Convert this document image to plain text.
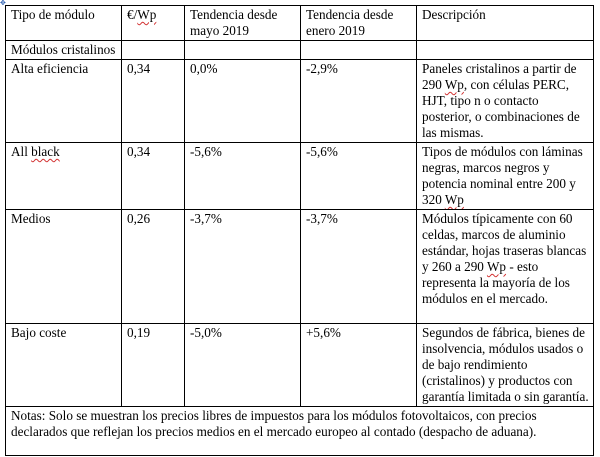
✥
Tipo de módulo	€/Wp	Tendencia desde mayo 2019	Tendencia desde enero 2019	Descripción
Módulos cristalinos				
Alta eficiencia	0,34	0,0%	-2,9%	Paneles cristalinos a partir de 290 Wp, con células PERC, HJT, tipo n o contacto posterior, o combinaciones de las mismas.
All black	0,34	-5,6%	-5,6%	Tipos de módulos con láminas negras, marcos negros y potencia nominal entre 200 y 320 Wp
Medios	0,26	-3,7%	-3,7%	Módulos típicamente con 60 celdas, marcos de aluminio estándar, hojas traseras blancas y 260 a 290 Wp - esto representa la mayoría de los módulos en el mercado.
Bajo coste	0,19	-5,0%	+5,6%	Segundos de fábrica, bienes de insolvencia, módulos usados o de bajo rendimiento (cristalinos) y productos con garantía limitada o sin garantía.
Notas: Solo se muestran los precios libres de impuestos para los módulos fotovoltaicos, con precios declarados que reflejan los precios medios en el mercado europeo al contado (despacho de aduana).				
